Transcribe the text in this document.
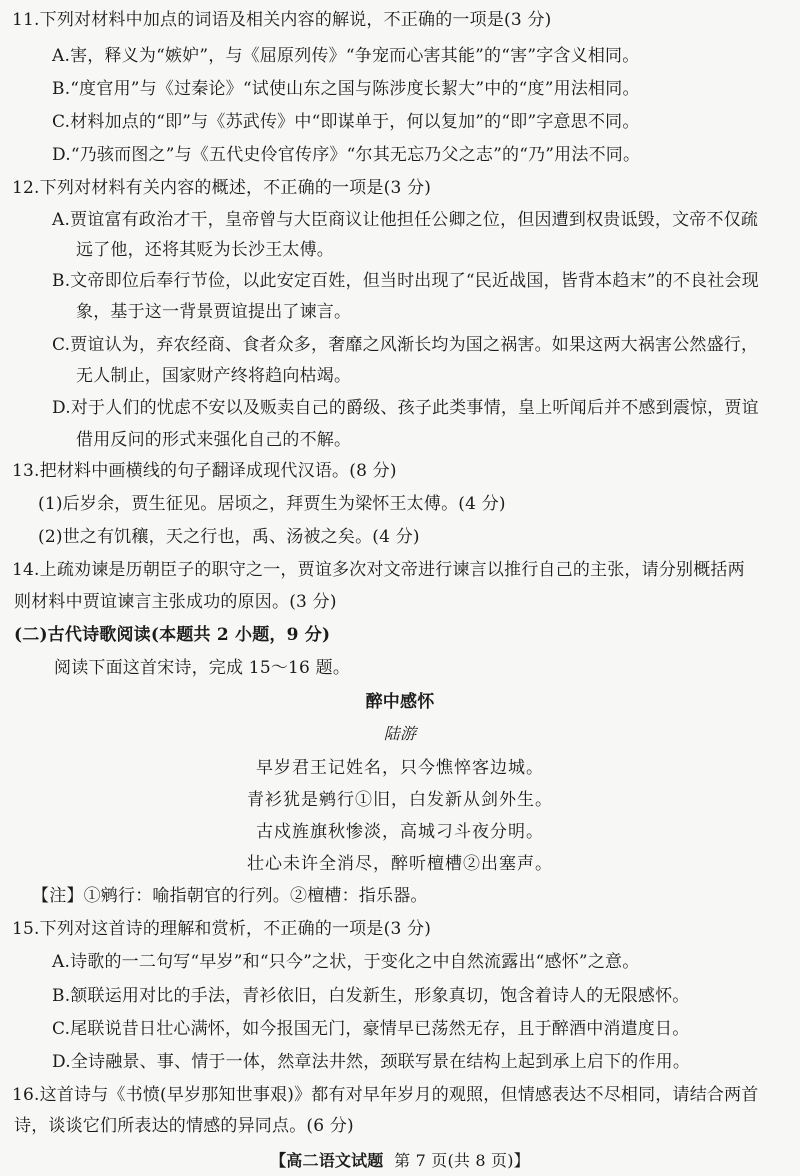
11.下列对材料中加点的词语及相关内容的解说，不正确的一项是(3 分)
A.害，释义为“嫉妒”，与《屈原列传》“争宠而心害其能”的“害”字含义相同。
B.“度官用”与《过秦论》“试使山东之国与陈涉度长絜大”中的“度”用法相同。
C.材料加点的“即”与《苏武传》中“即谋单于，何以复加”的“即”字意思不同。
D.“乃骇而图之”与《五代史伶官传序》“尔其无忘乃父之志”的“乃”用法不同。
12.下列对材料有关内容的概述，不正确的一项是(3 分)
A.贾谊富有政治才干，皇帝曾与大臣商议让他担任公卿之位，但因遭到权贵诋毁，文帝不仅疏
远了他，还将其贬为长沙王太傅。
B.文帝即位后奉行节俭，以此安定百姓，但当时出现了“民近战国，皆背本趋末”的不良社会现
象，基于这一背景贾谊提出了谏言。
C.贾谊认为，弃农经商、食者众多，奢靡之风渐长均为国之祸害。如果这两大祸害公然盛行，
无人制止，国家财产终将趋向枯竭。
D.对于人们的忧虑不安以及贩卖自己的爵级、孩子此类事情，皇上听闻后并不感到震惊，贾谊
借用反问的形式来强化自己的不解。
13.把材料中画横线的句子翻译成现代汉语。(8 分)
(1)后岁余，贾生征见。居顷之，拜贾生为梁怀王太傅。(4 分)
(2)世之有饥穰，天之行也，禹、汤被之矣。(4 分)
14.上疏劝谏是历朝臣子的职守之一，贾谊多次对文帝进行谏言以推行自己的主张，请分别概括两
则材料中贾谊谏言主张成功的原因。(3 分)
(二)古代诗歌阅读(本题共 2 小题，9 分)
阅读下面这首宋诗，完成 15～16 题。
醉中感怀
陆游
早岁君王记姓名，只今憔悴客边城。
青衫犹是鹓行①旧，白发新从剑外生。
古戍旌旗秋惨淡，高城刁斗夜分明。
壮心未许全消尽，醉听檀槽②出塞声。
【注】①鹓行：喻指朝官的行列。②檀槽：指乐器。
15.下列对这首诗的理解和赏析，不正确的一项是(3 分)
A.诗歌的一二句写“早岁”和“只今”之状，于变化之中自然流露出“感怀”之意。
B.颔联运用对比的手法，青衫依旧，白发新生，形象真切，饱含着诗人的无限感怀。
C.尾联说昔日壮心满怀，如今报国无门，豪情早已荡然无存，且于醉酒中消遣度日。
D.全诗融景、事、情于一体，然章法井然，颈联写景在结构上起到承上启下的作用。
16.这首诗与《书愤(早岁那知世事艰)》都有对早年岁月的观照，但情感表达不尽相同，请结合两首
诗，谈谈它们所表达的情感的异同点。(6 分)
【高二语文试题 第 7 页(共 8 页)】
